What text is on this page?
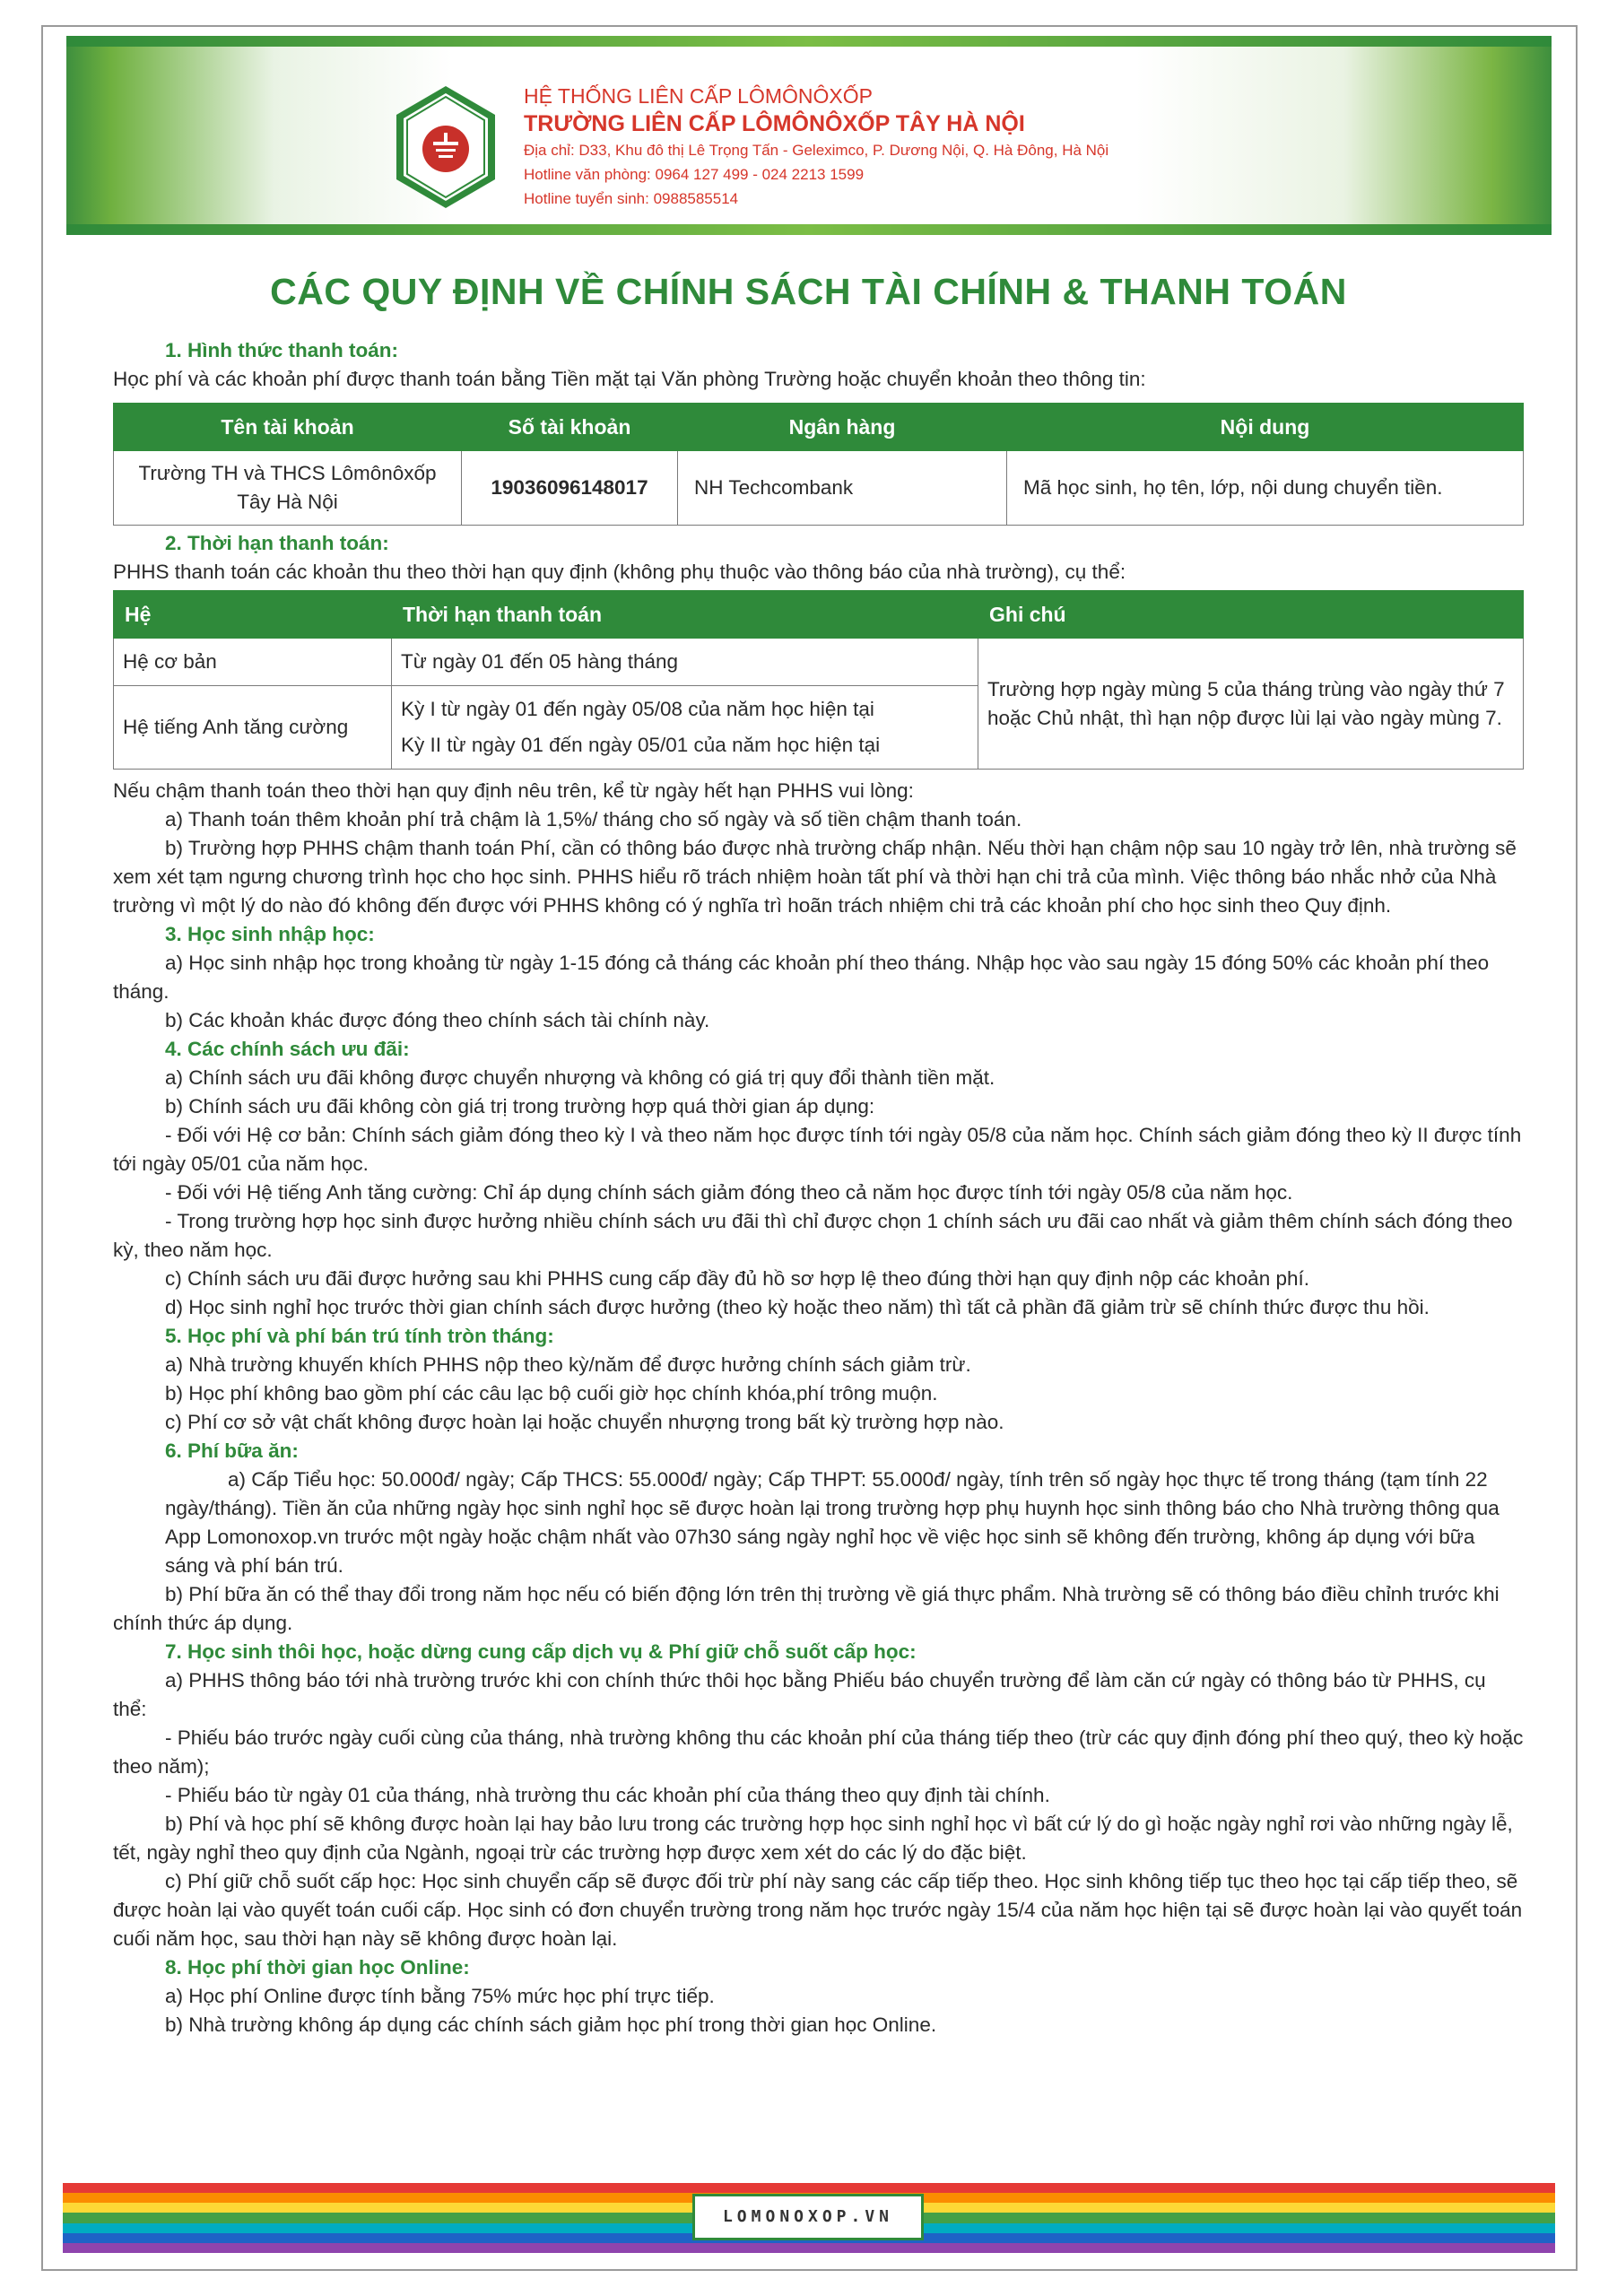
HỆ THỐNG LIÊN CẤP LÔMÔNÔXỐP
TRƯỜNG LIÊN CẤP LÔMÔNÔXỐP TÂY HÀ NỘI
Địa chỉ: D33, Khu đô thị Lê Trọng Tấn - Geleximco, P. Dương Nội, Q. Hà Đông, Hà Nội
Hotline văn phòng: 0964 127 499 - 024 2213 1599
Hotline tuyển sinh: 0988585514
CÁC QUY ĐỊNH VỀ CHÍNH SÁCH TÀI CHÍNH & THANH TOÁN
1. Hình thức thanh toán:

Học phí và các khoản phí được thanh toán bằng Tiền mặt tại Văn phòng Trường hoặc chuyển khoản theo thông tin:

Tên tài khoản	Số tài khoản	Ngân hàng	Nội dung
Trường TH và THCS Lômônôxốp Tây Hà Nội	19036096148017	NH Techcombank	Mã học sinh, họ tên, lớp, nội dung chuyển tiền.
2. Thời hạn thanh toán:

PHHS thanh toán các khoản thu theo thời hạn quy định (không phụ thuộc vào thông báo của nhà trường), cụ thể:

Hệ	Thời hạn thanh toán	Ghi chú
Hệ cơ bản	Từ ngày 01 đến 05 hàng tháng	Trường hợp ngày mùng 5 của tháng trùng vào ngày thứ 7 hoặc Chủ nhật, thì hạn nộp được lùi lại vào ngày mùng 7.
Hệ tiếng Anh tăng cường	Kỳ I từ ngày 01 đến ngày 05/08 của năm học hiện tại
Kỳ II từ ngày 01 đến ngày 05/01 của năm học hiện tại	

Nếu chậm thanh toán theo thời hạn quy định nêu trên, kể từ ngày hết hạn PHHS vui lòng:

a) Thanh toán thêm khoản phí trả chậm là 1,5%/ tháng cho số ngày và số tiền chậm thanh toán.

b) Trường hợp PHHS chậm thanh toán Phí, cần có thông báo được nhà trường chấp nhận. Nếu thời hạn chậm nộp sau 10 ngày trở lên, nhà trường sẽ xem xét tạm ngưng chương trình học cho học sinh. PHHS hiểu rõ trách nhiệm hoàn tất phí và thời hạn chi trả của mình. Việc thông báo nhắc nhở của Nhà trường vì một lý do nào đó không đến được với PHHS không có ý nghĩa trì hoãn trách nhiệm chi trả các khoản phí cho học sinh theo Quy định.

3. Học sinh nhập học:

a) Học sinh nhập học trong khoảng từ ngày 1-15 đóng cả tháng các khoản phí theo tháng. Nhập học vào sau ngày 15 đóng 50% các khoản phí theo tháng.

b) Các khoản khác được đóng theo chính sách tài chính này.

4. Các chính sách ưu đãi:

a) Chính sách ưu đãi không được chuyển nhượng và không có giá trị quy đổi thành tiền mặt.

b) Chính sách ưu đãi không còn giá trị trong trường hợp quá thời gian áp dụng:

- Đối với Hệ cơ bản: Chính sách giảm đóng theo kỳ I và theo năm học được tính tới ngày 05/8 của năm học. Chính sách giảm đóng theo kỳ II được tính tới ngày 05/01 của năm học.

- Đối với Hệ tiếng Anh tăng cường: Chỉ áp dụng chính sách giảm đóng theo cả năm học được tính tới ngày 05/8 của năm học.

- Trong trường hợp học sinh được hưởng nhiều chính sách ưu đãi thì chỉ được chọn 1 chính sách ưu đãi cao nhất và giảm thêm chính sách đóng theo kỳ, theo năm học.

c) Chính sách ưu đãi được hưởng sau khi PHHS cung cấp đầy đủ hồ sơ hợp lệ theo đúng thời hạn quy định nộp các khoản phí.

d) Học sinh nghỉ học trước thời gian chính sách được hưởng (theo kỳ hoặc theo năm) thì tất cả phần đã giảm trừ sẽ chính thức được thu hồi.

5. Học phí và phí bán trú tính tròn tháng:

a) Nhà trường khuyến khích PHHS nộp theo kỳ/năm để được hưởng chính sách giảm trừ.

b) Học phí không bao gồm phí các câu lạc bộ cuối giờ học chính khóa,phí trông muộn.

c) Phí cơ sở vật chất không được hoàn lại hoặc chuyển nhượng trong bất kỳ trường hợp nào.

6. Phí bữa ăn:

a) Cấp Tiểu học: 50.000đ/ ngày; Cấp THCS: 55.000đ/ ngày; Cấp THPT: 55.000đ/ ngày, tính trên số ngày học thực tế trong tháng (tạm tính 22 ngày/tháng). Tiền ăn của những ngày học sinh nghỉ học sẽ được hoàn lại trong trường hợp phụ huynh học sinh thông báo cho Nhà trường thông qua App Lomonoxop.vn trước một ngày hoặc chậm nhất vào 07h30 sáng ngày nghỉ học về việc học sinh sẽ không đến trường, không áp dụng với bữa sáng và phí bán trú.

b) Phí bữa ăn có thể thay đổi trong năm học nếu có biến động lớn trên thị trường về giá thực phẩm. Nhà trường sẽ có thông báo điều chỉnh trước khi chính thức áp dụng.

7. Học sinh thôi học, hoặc dừng cung cấp dịch vụ & Phí giữ chỗ suốt cấp học:

a) PHHS thông báo tới nhà trường trước khi con chính thức thôi học bằng Phiếu báo chuyển trường để làm căn cứ ngày có thông báo từ PHHS, cụ thể:

- Phiếu báo trước ngày cuối cùng của tháng, nhà trường không thu các khoản phí của tháng tiếp theo (trừ các quy định đóng phí theo quý, theo kỳ hoặc theo năm);

- Phiếu báo từ ngày 01 của tháng, nhà trường thu các khoản phí của tháng theo quy định tài chính.

b) Phí và học phí sẽ không được hoàn lại hay bảo lưu trong các trường hợp học sinh nghỉ học vì bất cứ lý do gì hoặc ngày nghỉ rơi vào những ngày lễ, tết, ngày nghỉ theo quy định của Ngành, ngoại trừ các trường hợp được xem xét do các lý do đặc biệt.

c) Phí giữ chỗ suốt cấp học: Học sinh chuyển cấp sẽ được đối trừ phí này sang các cấp tiếp theo. Học sinh không tiếp tục theo học tại cấp tiếp theo, sẽ được hoàn lại vào quyết toán cuối cấp. Học sinh có đơn chuyển trường trong năm học trước ngày 15/4 của năm học hiện tại sẽ được hoàn lại vào quyết toán cuối năm học, sau thời hạn này sẽ không được hoàn lại.

8. Học phí thời gian học Online:

a) Học phí Online được tính bằng 75% mức học phí trực tiếp.

b) Nhà trường không áp dụng các chính sách giảm học phí trong thời gian học Online.

LOMONOXOP.VN
